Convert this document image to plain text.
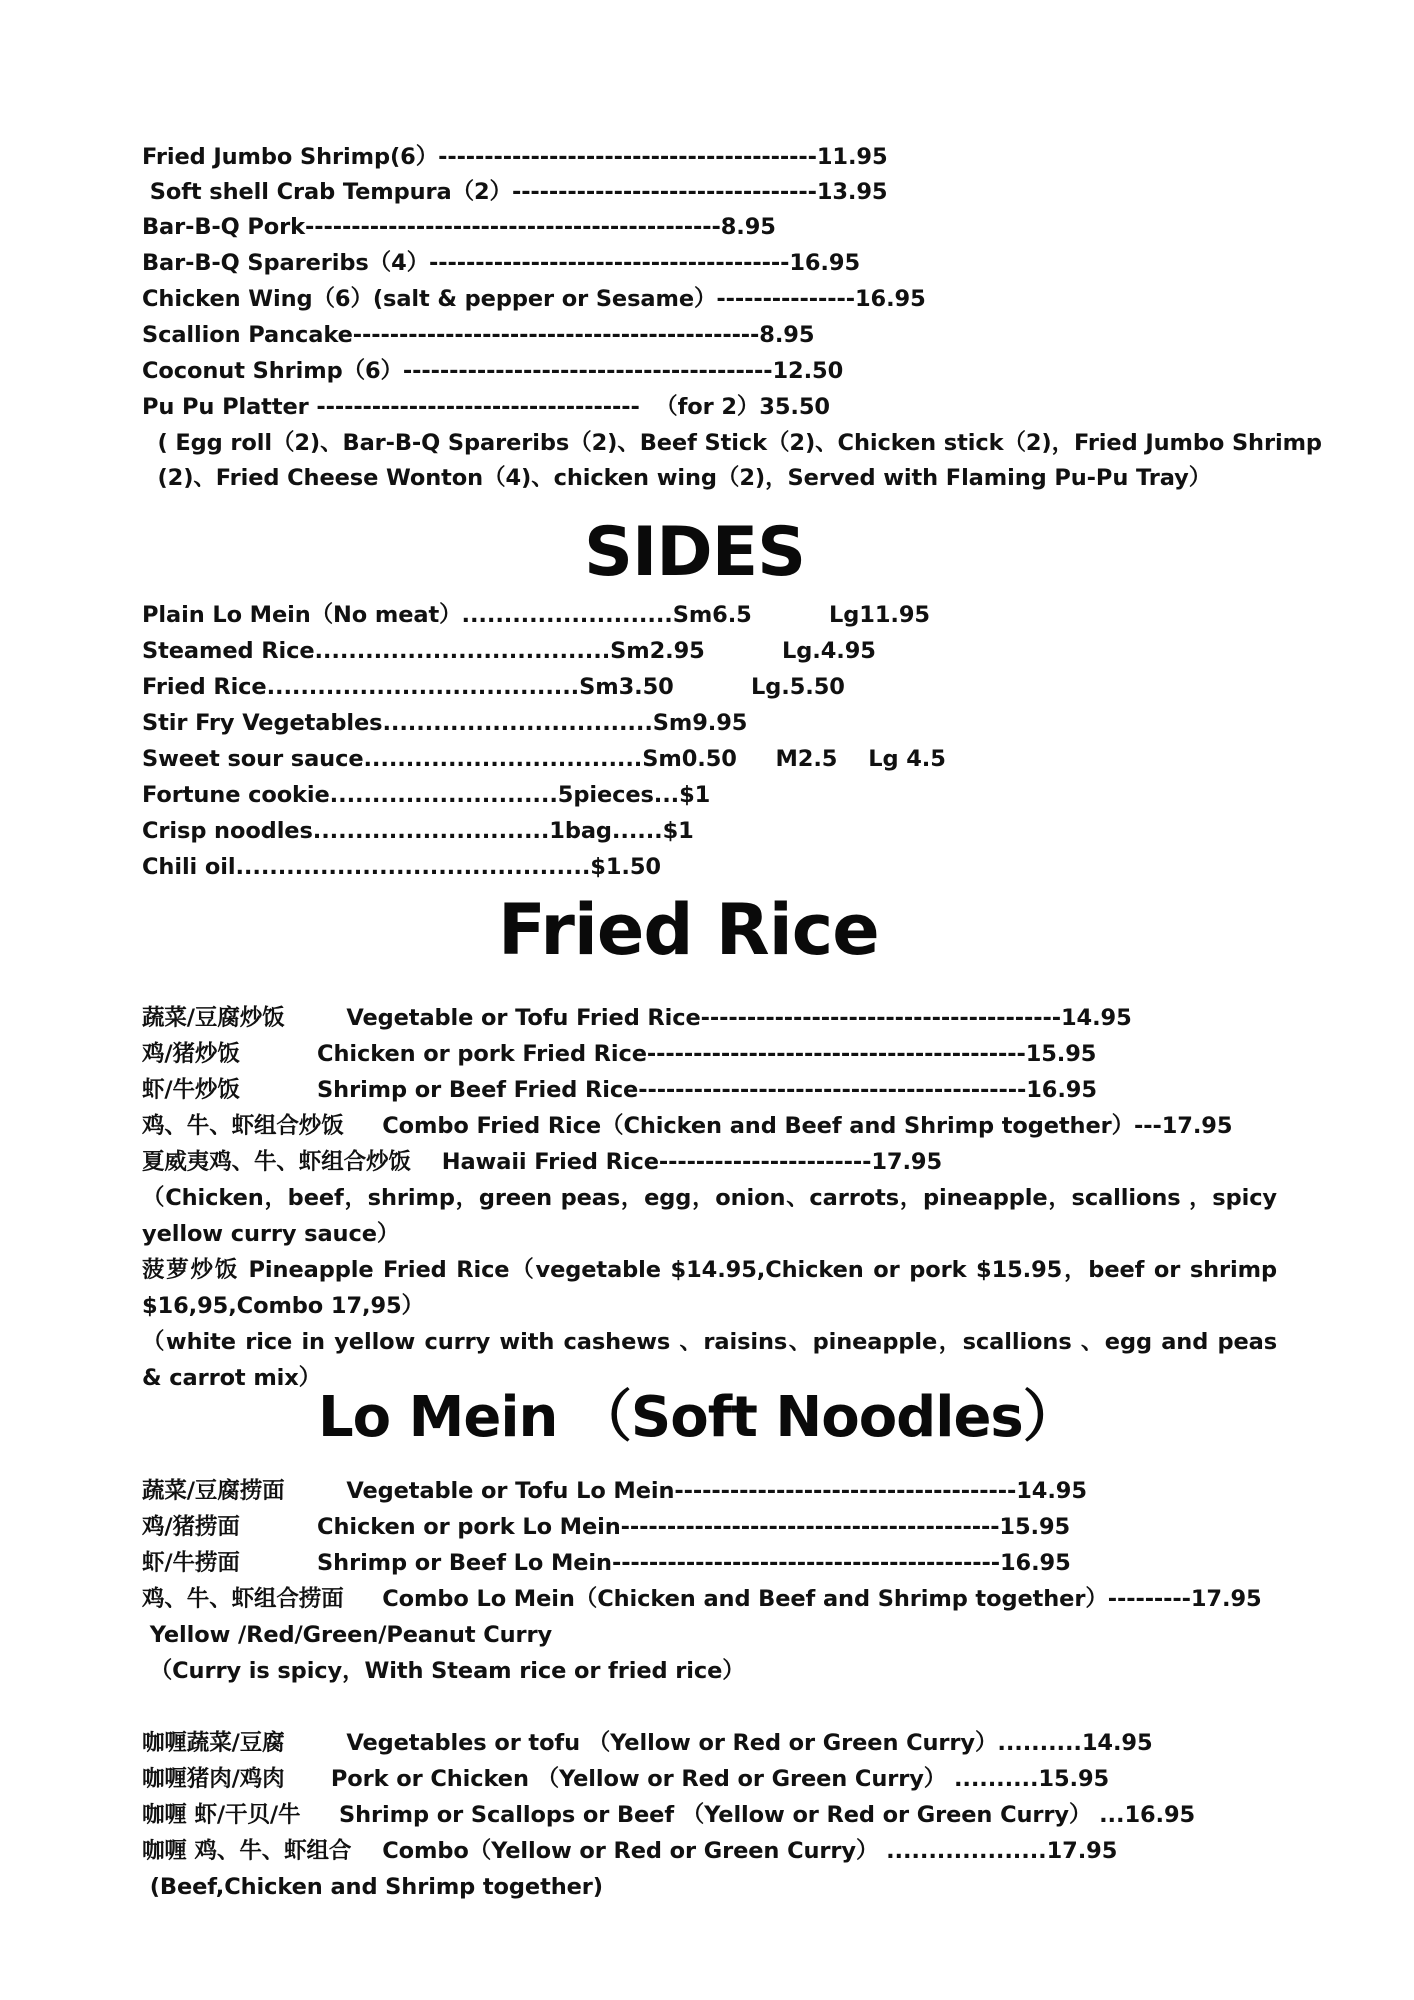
Fried Jumbo Shrimp(6）-----------------------------------------11.95
Soft shell Crab Tempura（2）---------------------------------13.95
Bar-B-Q Pork---------------------------------------------8.95
Bar-B-Q Spareribs（4）---------------------------------------16.95
Chicken Wing（6）(salt & pepper or Sesame）---------------16.95
Scallion Pancake--------------------------------------------8.95
Coconut Shrimp（6）----------------------------------------12.50
Pu Pu Platter -----------------------------------  （for 2）35.50
( Egg roll（2)、Bar-B-Q Spareribs（2)、Beef Stick（2)、Chicken stick（2)，Fried Jumbo Shrimp
(2)、Fried Cheese Wonton（4)、chicken wing（2)，Served with Flaming Pu-Pu Tray）
SIDES
Plain Lo Mein（No meat）.........................Sm6.5          Lg11.95
Steamed Rice...................................Sm2.95          Lg.4.95
Fried Rice.....................................Sm3.50          Lg.5.50
Stir Fry Vegetables................................Sm9.95
Sweet sour sauce.................................Sm0.50     M2.5    Lg 4.5
Fortune cookie...........................5pieces...$1
Crisp noodles............................1bag......$1
Chili oil..........................................$1.50
Fried Rice
蔬菜/豆腐炒饭        Vegetable or Tofu Fried Rice---------------------------------------14.95
鸡/猪炒饭          Chicken or pork Fried Rice-----------------------------------------15.95
虾/牛炒饭          Shrimp or Beef Fried Rice------------------------------------------16.95
鸡、牛、虾组合炒饭     Combo Fried Rice（Chicken and Beef and Shrimp together）---17.95
夏威夷鸡、牛、虾组合炒饭    Hawaii Fried Rice-----------------------17.95
（Chicken，beef，shrimp，green peas，egg，onion、carrots，pineapple，scallions ，spicy yellow curry sauce）
菠萝炒饭 Pineapple Fried Rice（vegetable $14.95,Chicken or pork $15.95，beef or shrimp $16,95,Combo 17,95）
（white rice in yellow curry with cashews 、raisins、pineapple，scallions 、egg and peas & carrot mix）
Lo Mein （Soft Noodles）
蔬菜/豆腐捞面        Vegetable or Tofu Lo Mein-------------------------------------14.95
鸡/猪捞面          Chicken or pork Lo Mein-----------------------------------------15.95
虾/牛捞面          Shrimp or Beef Lo Mein------------------------------------------16.95
鸡、牛、虾组合捞面     Combo Lo Mein（Chicken and Beef and Shrimp together）---------17.95
Yellow /Red/Green/Peanut Curry
（Curry is spicy，With Steam rice or fried rice）
咖喱蔬菜/豆腐        Vegetables or tofu （Yellow or Red or Green Curry）..........14.95
咖喱猪肉/鸡肉      Pork or Chicken （Yellow or Red or Green Curry） ..........15.95
咖喱 虾/干贝/牛     Shrimp or Scallops or Beef （Yellow or Red or Green Curry） ...16.95
咖喱 鸡、牛、虾组合    Combo（Yellow or Red or Green Curry） ...................17.95
(Beef,Chicken and Shrimp together)
